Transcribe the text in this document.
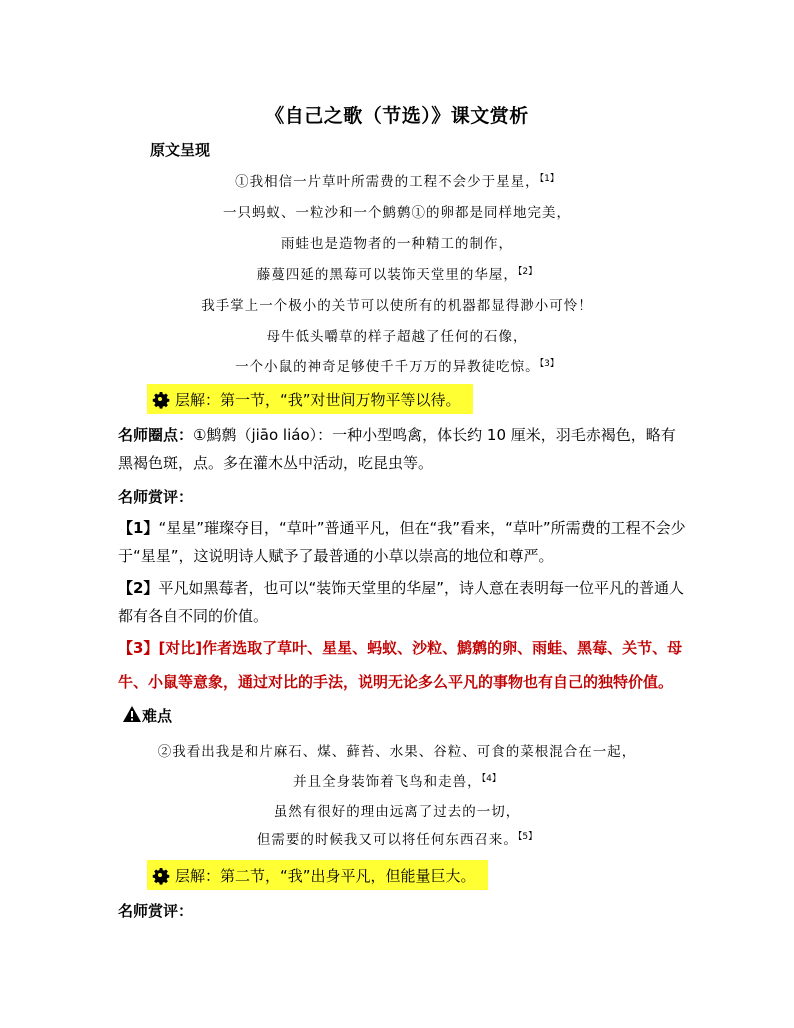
《自己之歌（节选）》课文赏析
原文呈现
①我相信一片草叶所需费的工程不会少于星星，$^{【1】}$
一只蚂蚁、一粒沙和一个鹪鹩①的卵都是同样地完美，
雨蛙也是造物者的一种精工的制作，
藤蔓四延的黑莓可以装饰天堂里的华屋，$^{【2】}$
我手掌上一个极小的关节可以使所有的机器都显得渺小可怜！
母牛低头嚼草的样子超越了任何的石像，
一个小鼠的神奇足够使千千万万的异教徒吃惊。$^{【3】}$
层解：第一节，“我”对世间万物平等以待。
名师圈点：①鹪鹩（jiāo liáo）：一种小型鸣禽，体长约 10 厘米，羽毛赤褐色，略有黑褐色斑，点。多在灌木丛中活动，吃昆虫等。
名师赏评：
【1】“星星”璀璨夺目，“草叶”普通平凡，但在“我”看来，“草叶”所需费的工程不会少于“星星”，这说明诗人赋予了最普通的小草以崇高的地位和尊严。
【2】平凡如黑莓者，也可以“装饰天堂里的华屋”，诗人意在表明每一位平凡的普通人都有各自不同的价值。
【3】[对比]作者选取了草叶、星星、蚂蚁、沙粒、鹪鹩的卵、雨蛙、黑莓、关节、母牛、小鼠等意象，通过对比的手法，说明无论多么平凡的事物也有自己的独特价值。难点
②我看出我是和片麻石、煤、藓苔、水果、谷粒、可食的菜根混合在一起，
并且全身装饰着飞鸟和走兽，$^{【4】}$
虽然有很好的理由远离了过去的一切，
但需要的时候我又可以将任何东西召来。$^{【5】}$
层解：第二节，“我”出身平凡，但能量巨大。
名师赏评：
